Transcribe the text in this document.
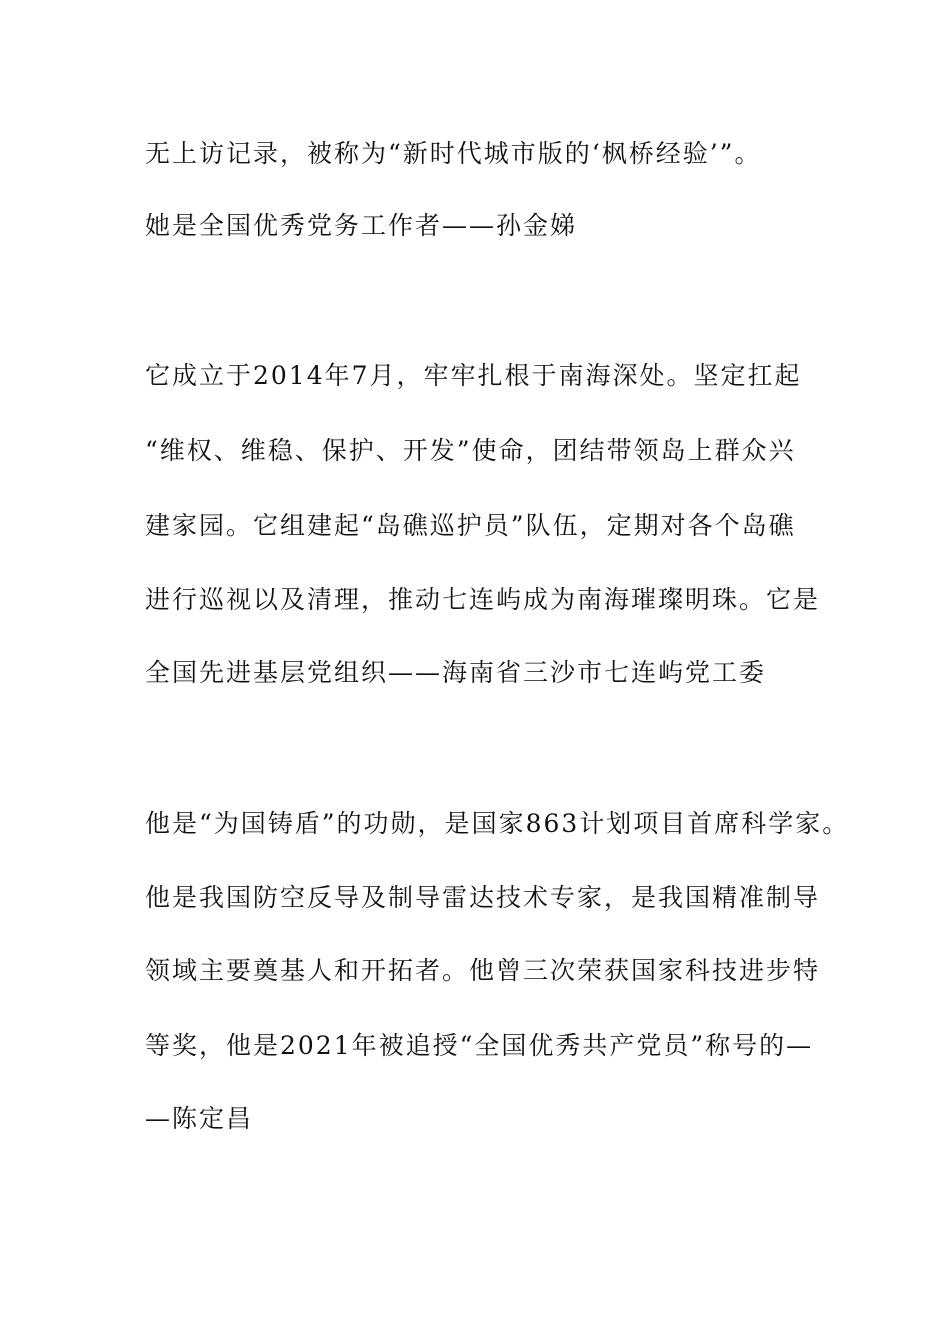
无上访记录，被称为“新时代城市版的‘枫桥经验’”。

她是全国优秀党务工作者——孙金娣

它成立于2014年7月，牢牢扎根于南海深处。坚定扛起

“维权、维稳、保护、开发”使命，团结带领岛上群众兴

建家园。它组建起“岛礁巡护员”队伍，定期对各个岛礁

进行巡视以及清理，推动七连屿成为南海璀璨明珠。它是

全国先进基层党组织——海南省三沙市七连屿党工委

他是“为国铸盾”的功勋，是国家863计划项目首席科学家。

他是我国防空反导及制导雷达技术专家，是我国精准制导

领域主要奠基人和开拓者。他曾三次荣获国家科技进步特

等奖，他是2021年被追授“全国优秀共产党员”称号的—

—陈定昌
